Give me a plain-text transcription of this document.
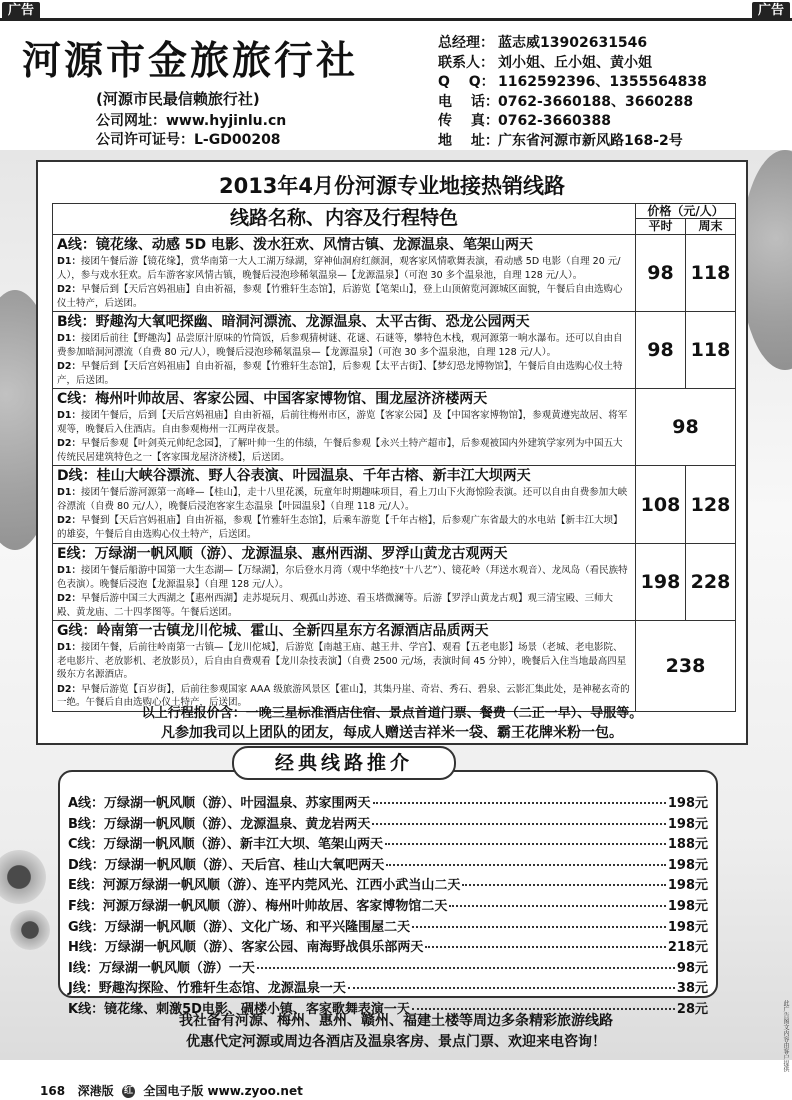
广告	广告
河源市金旅旅行社
(河源市民最信赖旅行社)
公司网址：www.hyjinlu.cn
公司许可证号：L-GD00208
总经理： 蓝志威13902631546
联系人： 刘小姐、丘小姐、黄小姐
Q　 Q： 1162592396、1355564838
电　 话：0762-3660188、3660288
传　 真：0762-3660388
地　 址：广东省河源市新风路168-2号
2013年4月份河源专业地接热销线路
线路名称、内容及行程特色	价格（元/人）
平时 周末	

A线：镜花缘、动感 5D 电影、泼水狂欢、风情古镇、龙源温泉、笔架山两天
D1：接团午餐后游【镜花缘】，赏华南第一大人工湖万绿湖，穿神仙洞府红颜洞，观客家风情歌舞表演，看动感 5D 电影（自理 20 元/人），参与戏水狂欢。后车游客家风情古镇，晚餐后浸泡珍稀氡温泉—【龙源温泉】（可泡 30 多个温泉池，自理 128 元/人）。
D2：早餐后到【天后宫妈祖庙】自由祈福，参观【竹雅轩生态馆】，后游览【笔架山】，登上山顶俯览河源城区面貌，午餐后自由选购心仪土特产，后送团。	98	118

B线：野趣沟大氧吧探幽、暗洞河漂流、龙源温泉、太平古街、恐龙公园两天
D1：接团后前往【野趣沟】品尝原汁原味的竹筒饭，后参观猜树谜、花谜、石谜等，攀特色木栈，观河源第一响水瀑布。还可以自由自费参加暗洞河漂流（自费 80 元/人），晚餐后浸泡珍稀氡温泉—【龙源温泉】（可泡 30 多个温泉池，自理 128 元/人）。
D2：早餐后到【天后宫妈祖庙】自由祈福，参观【竹雅轩生态馆】，后参观【太平古街】、【梦幻恐龙博物馆】，午餐后自由选购心仪土特产，后送团。	98	118

C线：梅州叶帅故居、客家公园、中国客家博物馆、围龙屋济济楼两天
D1：接团午餐后，后到【天后宫妈祖庙】自由祈福，后前往梅州市区，游览【客家公园】及【中国客家博物馆】，参观黄遵宪故居、将军观等，晚餐后入住酒店。自由参观梅州一江两岸夜景。
D2：早餐后参观【叶剑英元帅纪念园】，了解叶帅一生的伟绩，午餐后参观【永兴土特产超市】，后参观被国内外建筑学家列为中国五大传统民居建筑特色之一【客家围龙屋济济楼】，后送团。	98	

D线：桂山大峡谷漂流、野人谷表演、叶园温泉、千年古榕、新丰江大坝两天
D1：接团午餐后游河源第一高峰—【桂山】，走十八里花溪，玩童年时期趣味项目，看上刀山下火海惊险表演。还可以自由自费参加大峡谷漂流（自费 80 元/人），晚餐后浸泡客家生态温泉【叶园温泉】（自理 118 元/人）。
D2：早餐到【天后宫妈祖庙】自由祈福，参观【竹雅轩生态馆】，后乘车游览【千年古榕】，后参观广东省最大的水电站【新丰江大坝】的雄姿，午餐后自由选购心仪土特产，后送团。	108	128

E线：万绿湖一帆风顺（游）、龙源温泉、惠州西湖、罗浮山黄龙古观两天
D1：接团午餐后船游中国第一大生态湖—【万绿湖】，尔后登水月湾（观中华绝技“十八艺”）、镜花岭（拜送水观音）、龙凤岛（看民族特色表演）。晚餐后浸泡【龙源温泉】（自理 128 元/人）。
D2：早餐后游中国三大西湖之【惠州西湖】走苏堤玩月、观孤山苏迹、看玉塔微澜等。后游【罗浮山黄龙古观】观三清宝殿、三师大殿、黄龙庙、二十四孝图等。午餐后送团。	198	228

G线：岭南第一古镇龙川佗城、霍山、全新四星东方名源酒店品质两天
D1：接团午餐，后前往岭南第一古镇—【龙川佗城】，后游览【南越王庙、越王井、学宫】、观看【五老电影】场景（老城、老电影院、老电影片、老放影机、老放影员），后自由自费观看【龙川杂技表演】（自费 2500 元/场，表演时间 45 分钟），晚餐后入住当地最高四星级东方名源酒店。
D2：早餐后游览【百岁街】，后前往参观国家 AAA 级旅游风景区【霍山】，其集丹崖、奇岩、秀石、碧泉、云影汇集此处，是神秘玄奇的一绝。午餐后自由选购心仪土特产，后送团。	238	
以上行程报价含：一晚三星标准酒店住宿、景点首道门票、餐费（二正一早）、导服等。
凡参加我司以上团队的团友，每成人赠送吉祥米一袋、霸王花牌米粉一包。
A线：万绿湖一帆风顺（游）、叶园温泉、苏家围两天	198元
B线：万绿湖一帆风顺（游）、龙源温泉、黄龙岩两天	198元
C线：万绿湖一帆风顺（游）、新丰江大坝、笔架山两天	188元
D线：万绿湖一帆风顺（游）、天后宫、桂山大氧吧两天	198元
E线：河源万绿湖一帆风顺（游）、连平内莞风光、江西小武当山二天	198元
F线：河源万绿湖一帆风顺（游）、梅州叶帅故居、客家博物馆二天	198元
G线：万绿湖一帆风顺（游）、文化广场、和平兴隆围屋二天	198元
H线：万绿湖一帆风顺（游）、客家公园、南海野战俱乐部两天	218元
I线：万绿湖一帆风顺（游）一天	98元
J线：野趣沟探险、竹雅轩生态馆、龙源温泉一天	38元
K线：镜花缘、刺激5D电影、碉楼小镇、客家歌舞表演一天	28元
经典线路推介
我社备有河源、梅州、惠州、赣州、福建土楼等周边多条精彩旅游线路
优惠代定河源或周边各酒店及温泉客房、景点门票、欢迎来电咨询！
168 深港版 红 全国电子版 www.zyoo.net
此广告图文内容由客户提供
